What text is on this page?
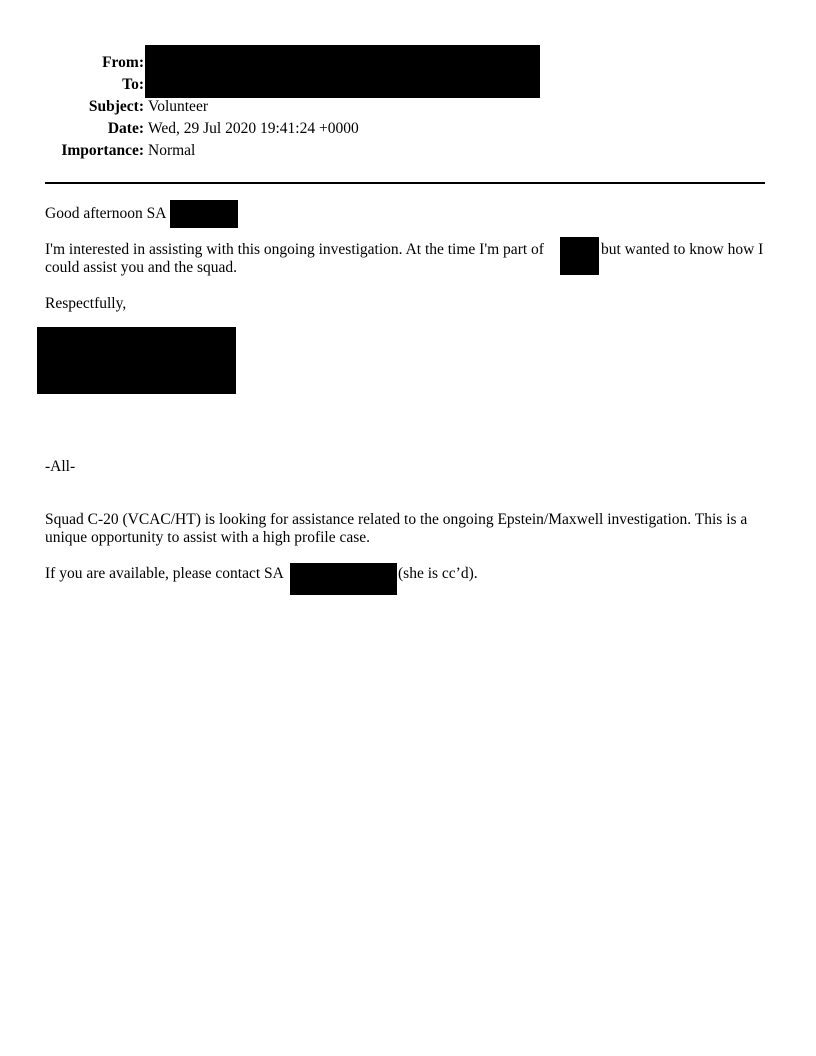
From:
To:
Subject: Volunteer
Date: Wed, 29 Jul 2020 19:41:24 +0000
Importance: Normal
Good afternoon SA
I'm interested in assisting with this ongoing investigation. At the time I'm part of	but wanted to know how I
could assist you and the squad.
Respectfully,
-All-
Squad C-20 (VCAC/HT) is looking for assistance related to the ongoing Epstein/Maxwell investigation. This is a
unique opportunity to assist with a high profile case.
If you are available, please contact SA	(she is cc’d).
